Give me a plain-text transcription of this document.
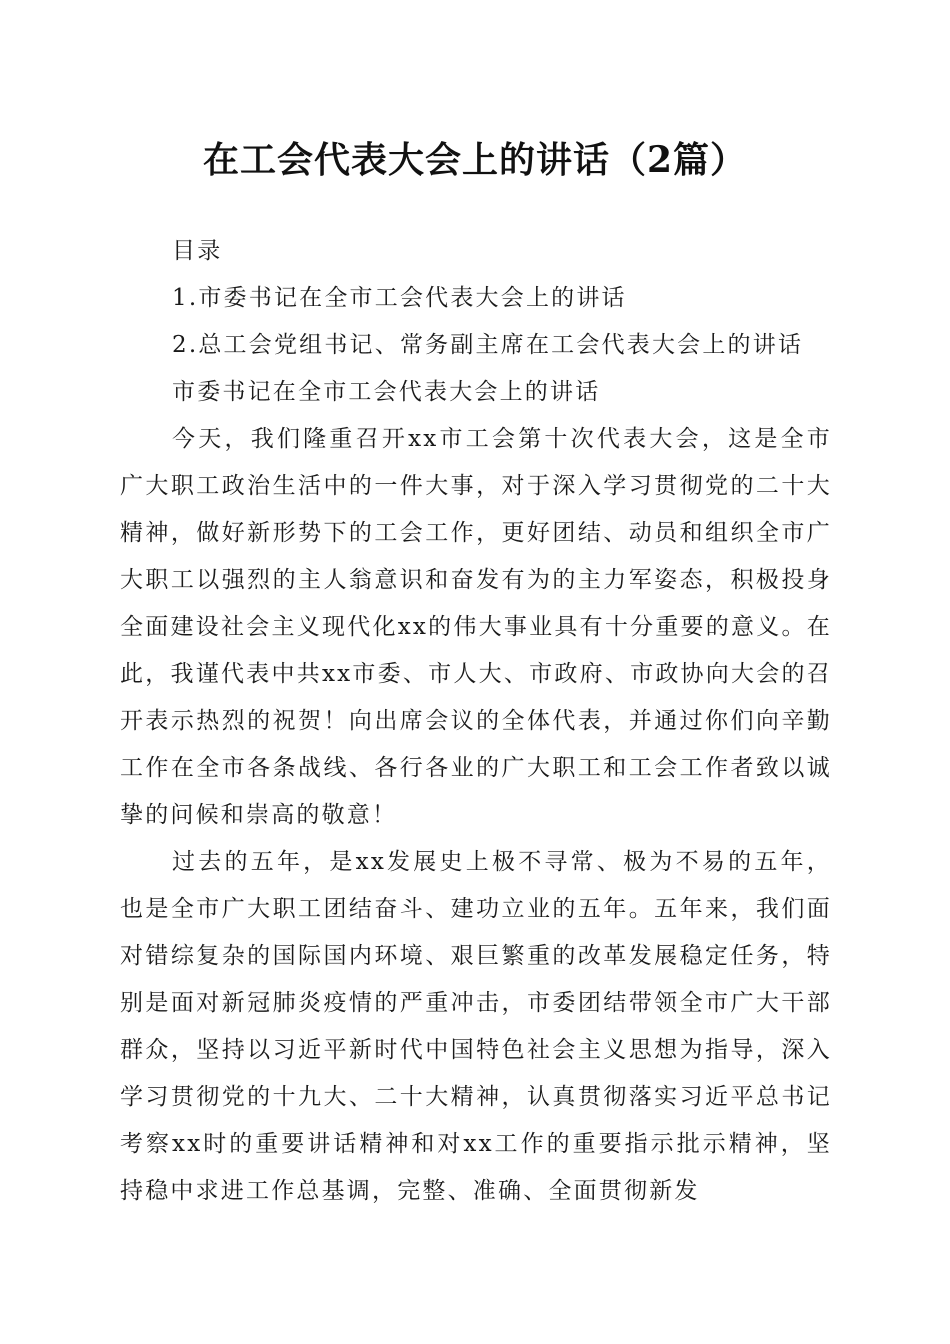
在工会代表大会上的讲话（2篇）

目录

1.市委书记在全市工会代表大会上的讲话

2.总工会党组书记、常务副主席在工会代表大会上的讲话

市委书记在全市工会代表大会上的讲话

今天，我们隆重召开xx市工会第十次代表大会，这是全市广大职工政治生活中的一件大事，对于深入学习贯彻党的二十大精神，做好新形势下的工会工作，更好团结、动员和组织全市广大职工以强烈的主人翁意识和奋发有为的主力军姿态，积极投身全面建设社会主义现代化xx的伟大事业具有十分重要的意义。在此，我谨代表中共xx市委、市人大、市政府、市政协向大会的召开表示热烈的祝贺！向出席会议的全体代表，并通过你们向辛勤工作在全市各条战线、各行各业的广大职工和工会工作者致以诚挚的问候和崇高的敬意！

过去的五年，是xx发展史上极不寻常、极为不易的五年，也是全市广大职工团结奋斗、建功立业的五年。五年来，我们面对错综复杂的国际国内环境、艰巨繁重的改革发展稳定任务，特别是面对新冠肺炎疫情的严重冲击，市委团结带领全市广大干部群众，坚持以习近平新时代中国特色社会主义思想为指导，深入学习贯彻党的十九大、二十大精神，认真贯彻落实习近平总书记考察xx时的重要讲话精神和对xx工作的重要指示批示精神，坚持稳中求进工作总基调，完整、准确、全面贯彻新发
